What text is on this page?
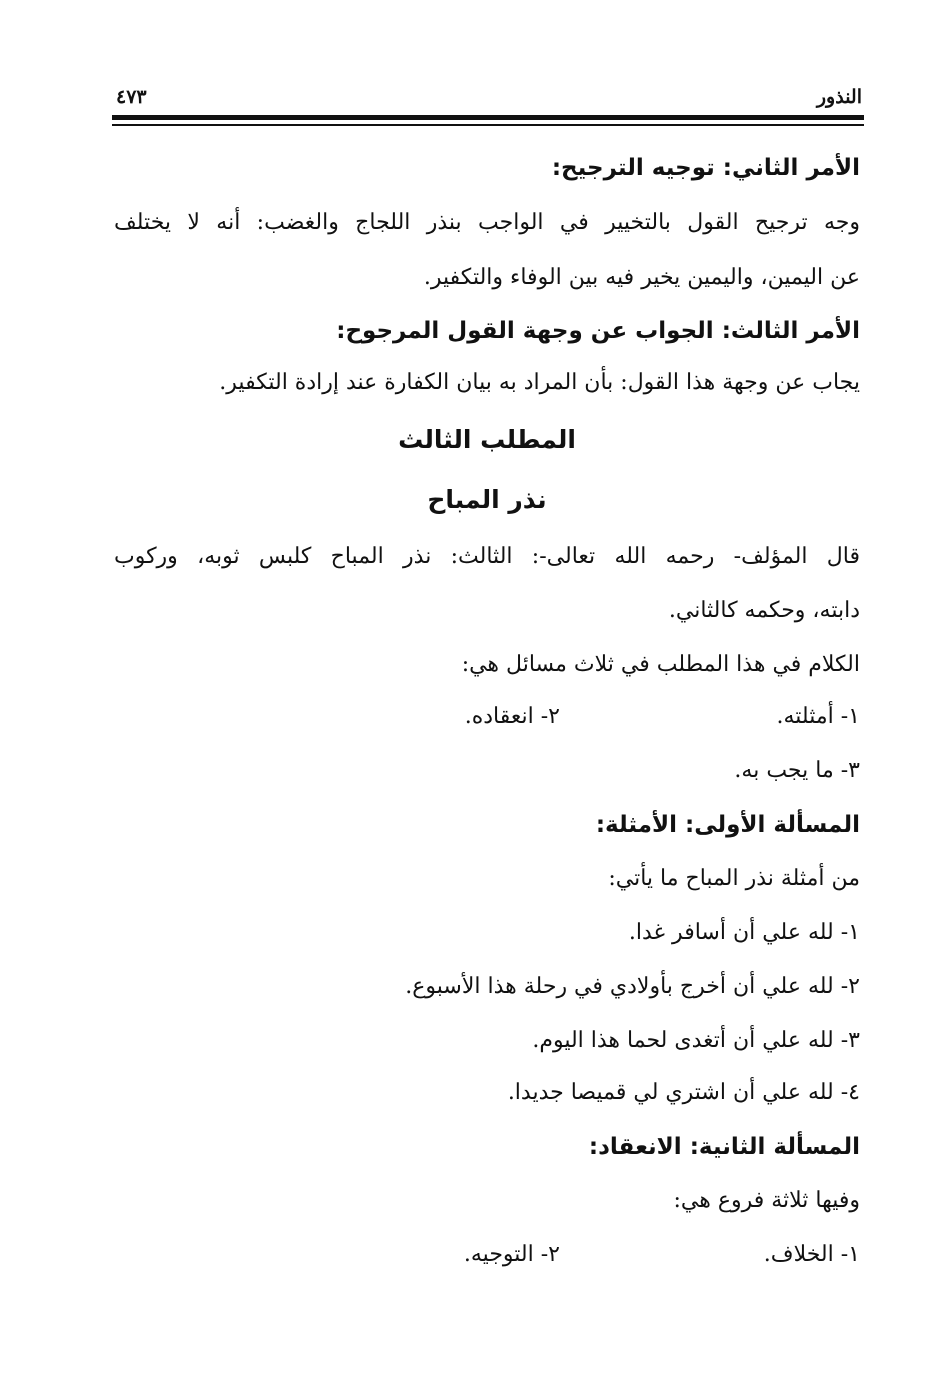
النذور
٤٧٣
الأمر الثاني: توجيه الترجيح:
وجه ترجيح القول بالتخيير في الواجب بنذر اللجاج والغضب: أنه لا يختلف
عن اليمين، واليمين يخير فيه بين الوفاء والتكفير.
الأمر الثالث: الجواب عن وجهة القول المرجوح:
يجاب عن وجهة هذا القول: بأن المراد به بيان الكفارة عند إرادة التكفير.
المطلب الثالث
نذر المباح
قال المؤلف- رحمه الله تعالى-: الثالث: نذر المباح كلبس ثوبه، وركوب
دابته، وحكمه كالثاني.
الكلام في هذا المطلب في ثلاث مسائل هي:
١- أمثلته.
٢- انعقاده.
٣- ما يجب به.
المسألة الأولى: الأمثلة:
من أمثلة نذر المباح ما يأتي:
١- لله علي أن أسافر غدا.
٢- لله علي أن أخرج بأولادي في رحلة هذا الأسبوع.
٣- لله علي أن أتغدى لحما هذا اليوم.
٤- لله علي أن اشتري لي قميصا جديدا.
المسألة الثانية: الانعقاد:
وفيها ثلاثة فروع هي:
١- الخلاف.
٢- التوجيه.
